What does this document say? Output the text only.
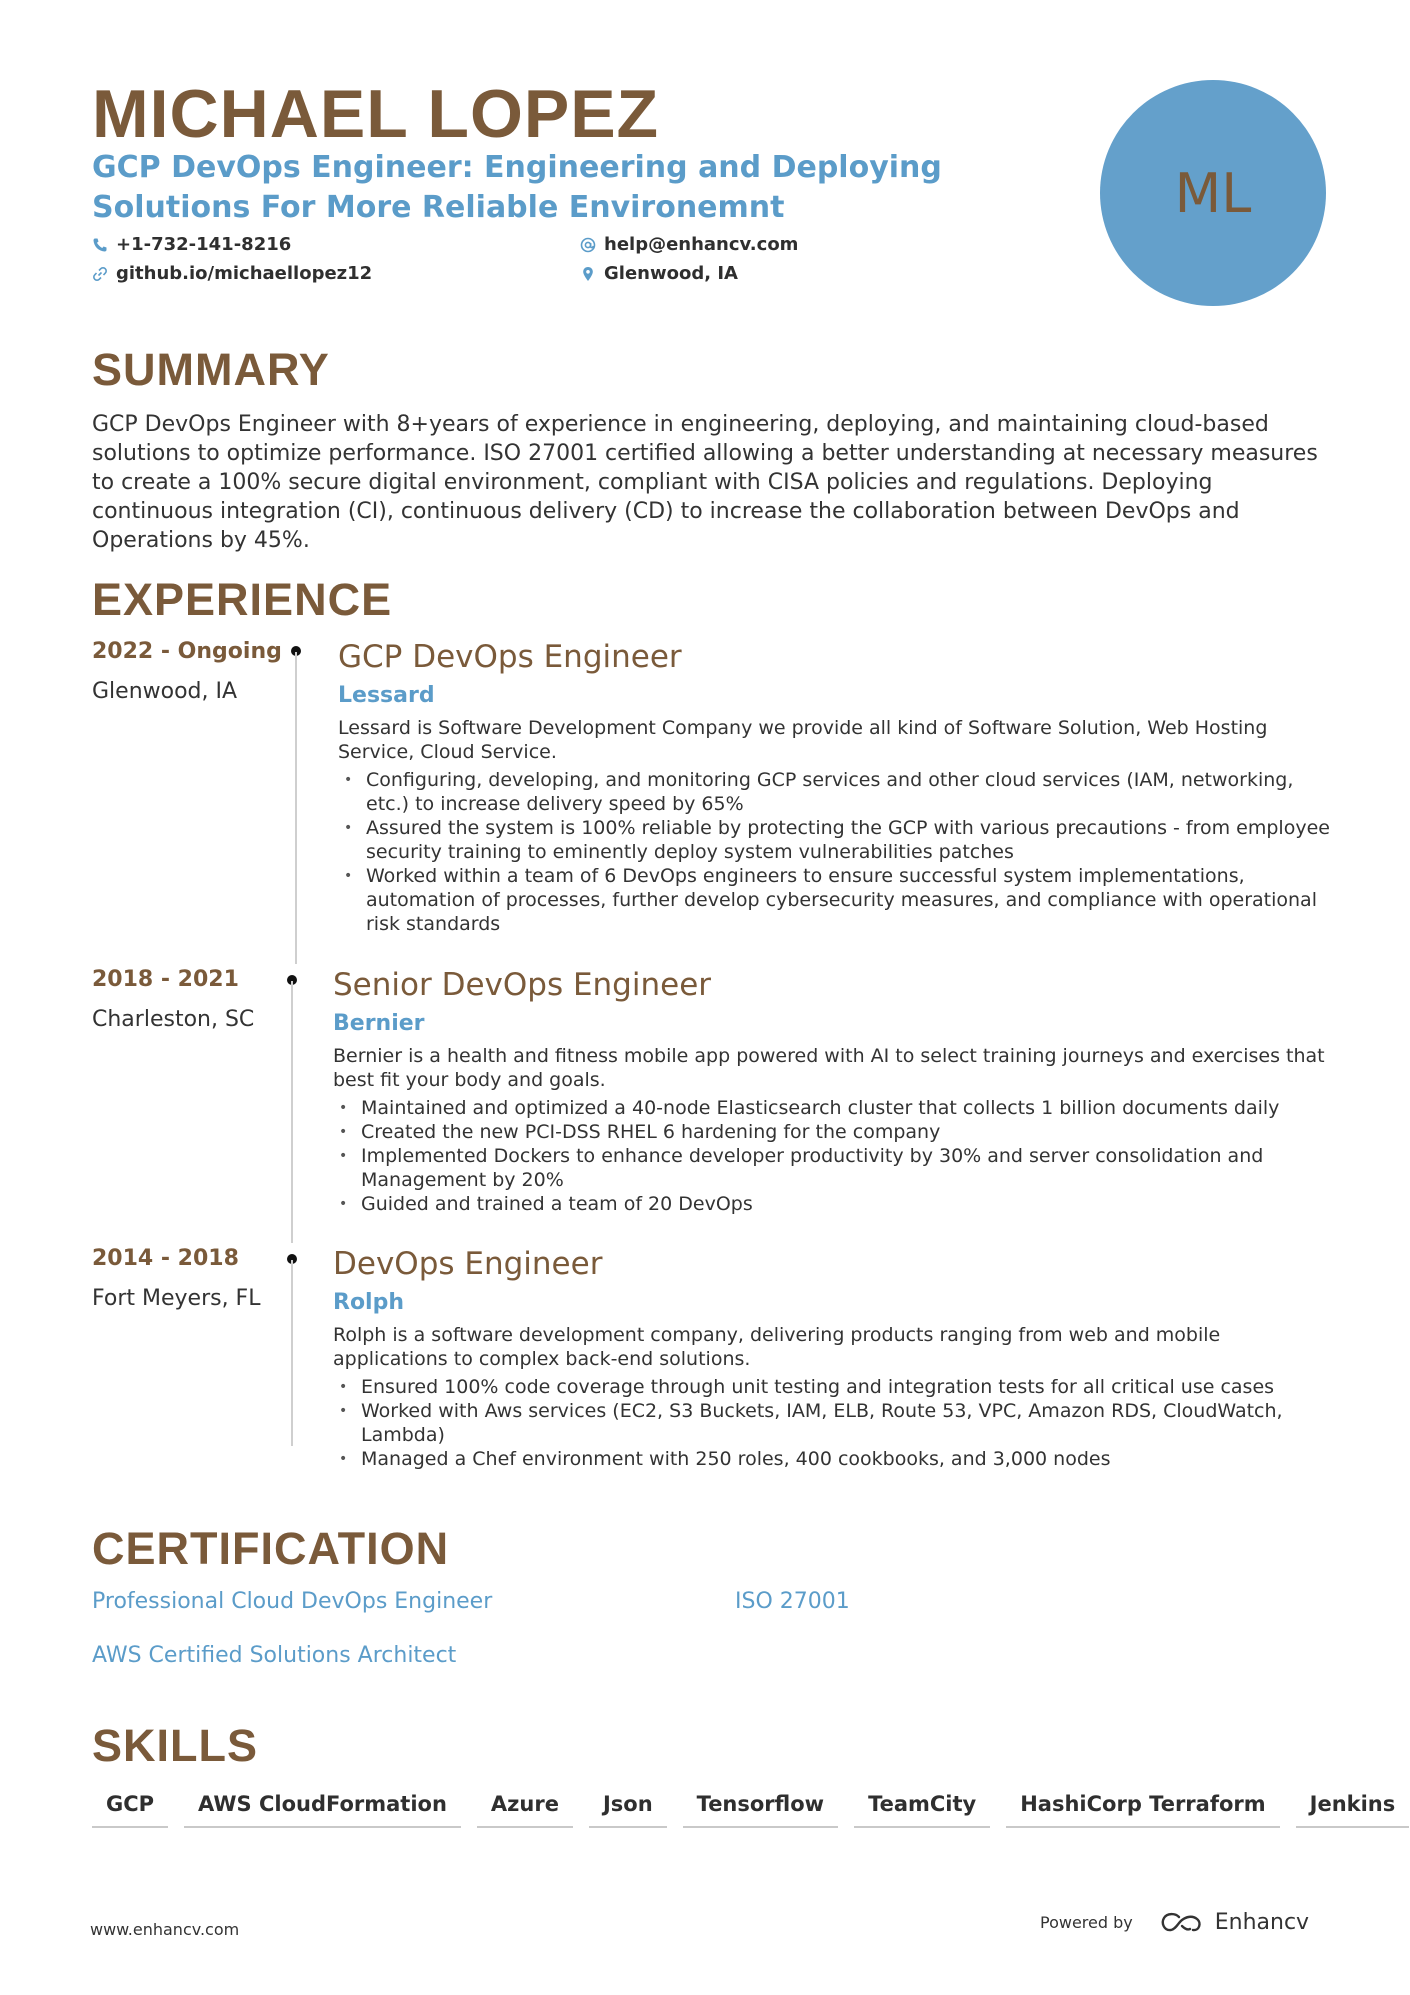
MICHAEL LOPEZ
GCP DevOps Engineer: Engineering and Deploying Solutions For More Reliable Environemnt
+1-732-141-8216	help@enhancv.com
github.io/michaellopez12	Glenwood, IA
ML
SUMMARY
GCP DevOps Engineer with 8+years of experience in engineering, deploying, and maintaining cloud-based solutions to optimize performance. ISO 27001 certified allowing a better understanding at necessary measures to create a 100% secure digital environment, compliant with CISA policies and regulations. Deploying continuous integration (CI), continuous delivery (CD) to increase the collaboration between DevOps and Operations by 45%.
EXPERIENCE
2022 - Ongoing
Glenwood, IA
GCP DevOps Engineer
Lessard
Lessard is Software Development Company we provide all kind of Software Solution, Web Hosting Service, Cloud Service.
• Configuring, developing, and monitoring GCP services and other cloud services (IAM, networking, etc.) to increase delivery speed by 65%
• Assured the system is 100% reliable by protecting the GCP with various precautions - from employee security training to eminently deploy system vulnerabilities patches
• Worked within a team of 6 DevOps engineers to ensure successful system implementations, automation of processes, further develop cybersecurity measures, and compliance with operational risk standards
2018 - 2021
Charleston, SC
Senior DevOps Engineer
Bernier
Bernier is a health and fitness mobile app powered with AI to select training journeys and exercises that best fit your body and goals.
• Maintained and optimized a 40-node Elasticsearch cluster that collects 1 billion documents daily
• Created the new PCI-DSS RHEL 6 hardening for the company
• Implemented Dockers to enhance developer productivity by 30% and server consolidation and Management by 20%
• Guided and trained a team of 20 DevOps
2014 - 2018
Fort Meyers, FL
DevOps Engineer
Rolph
Rolph is a software development company, delivering products ranging from web and mobile applications to complex back-end solutions.
• Ensured 100% code coverage through unit testing and integration tests for all critical use cases
• Worked with Aws services (EC2, S3 Buckets, IAM, ELB, Route 53, VPC, Amazon RDS, CloudWatch, Lambda)
• Managed a Chef environment with 250 roles, 400 cookbooks, and 3,000 nodes
CERTIFICATION
Professional Cloud DevOps Engineer	ISO 27001
AWS Certified Solutions Architect
SKILLS
GCP	AWS CloudFormation	Azure	Json	Tensorflow	TeamCity	HashiCorp Terraform	Jenkins
www.enhancv.com	Powered by	Enhancv
